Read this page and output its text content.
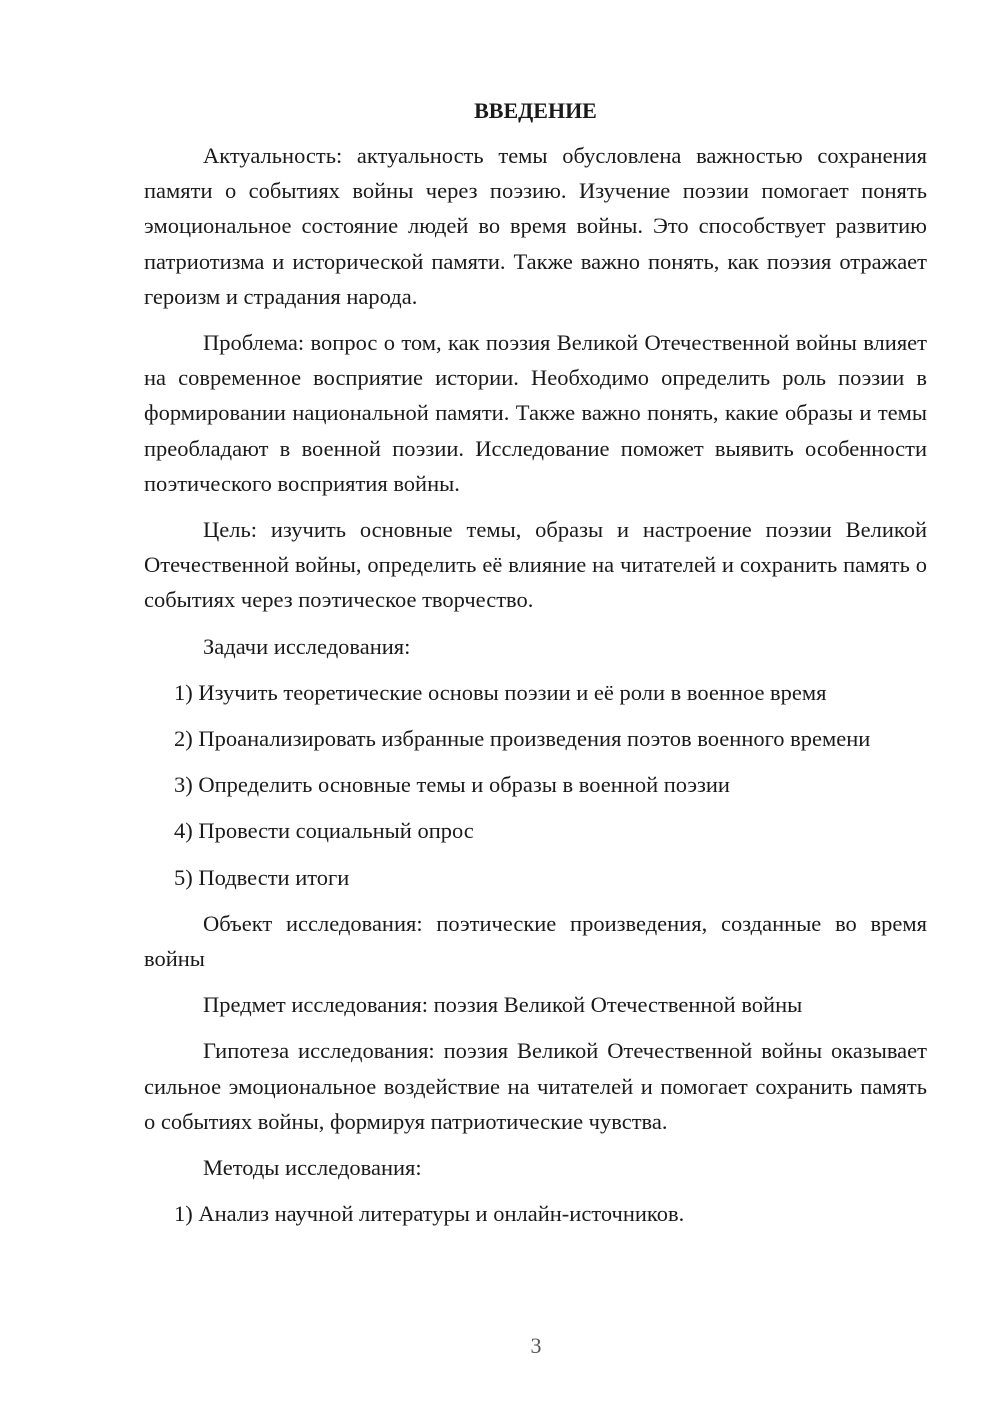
ВВЕДЕНИЕ

Актуальность: актуальность темы обусловлена важностью сохранения памяти о событиях войны через поэзию. Изучение поэзии помогает понять эмоциональное состояние людей во время войны. Это способствует развитию патриотизма и исторической памяти. Также важно понять, как поэзия отражает героизм и страдания народа.

Проблема: вопрос о том, как поэзия Великой Отечественной войны влияет на современное восприятие истории. Необходимо определить роль поэзии в формировании национальной памяти. Также важно понять, какие образы и темы преобладают в военной поэзии. Исследование поможет выявить особенности поэтического восприятия войны.

Цель: изучить основные темы, образы и настроение поэзии Великой Отечественной войны, определить её влияние на читателей и сохранить память о событиях через поэтическое творчество.

Задачи исследования:

1) Изучить теоретические основы поэзии и её роли в военное время

2) Проанализировать избранные произведения поэтов военного времени

3) Определить основные темы и образы в военной поэзии

4) Провести социальный опрос

5) Подвести итоги

Объект исследования: поэтические произведения, созданные во время войны

Предмет исследования: поэзия Великой Отечественной войны

Гипотеза исследования: поэзия Великой Отечественной войны оказывает сильное эмоциональное воздействие на читателей и помогает сохранить память о событиях войны, формируя патриотические чувства.

Методы исследования:

1) Анализ научной литературы и онлайн-источников.

3
